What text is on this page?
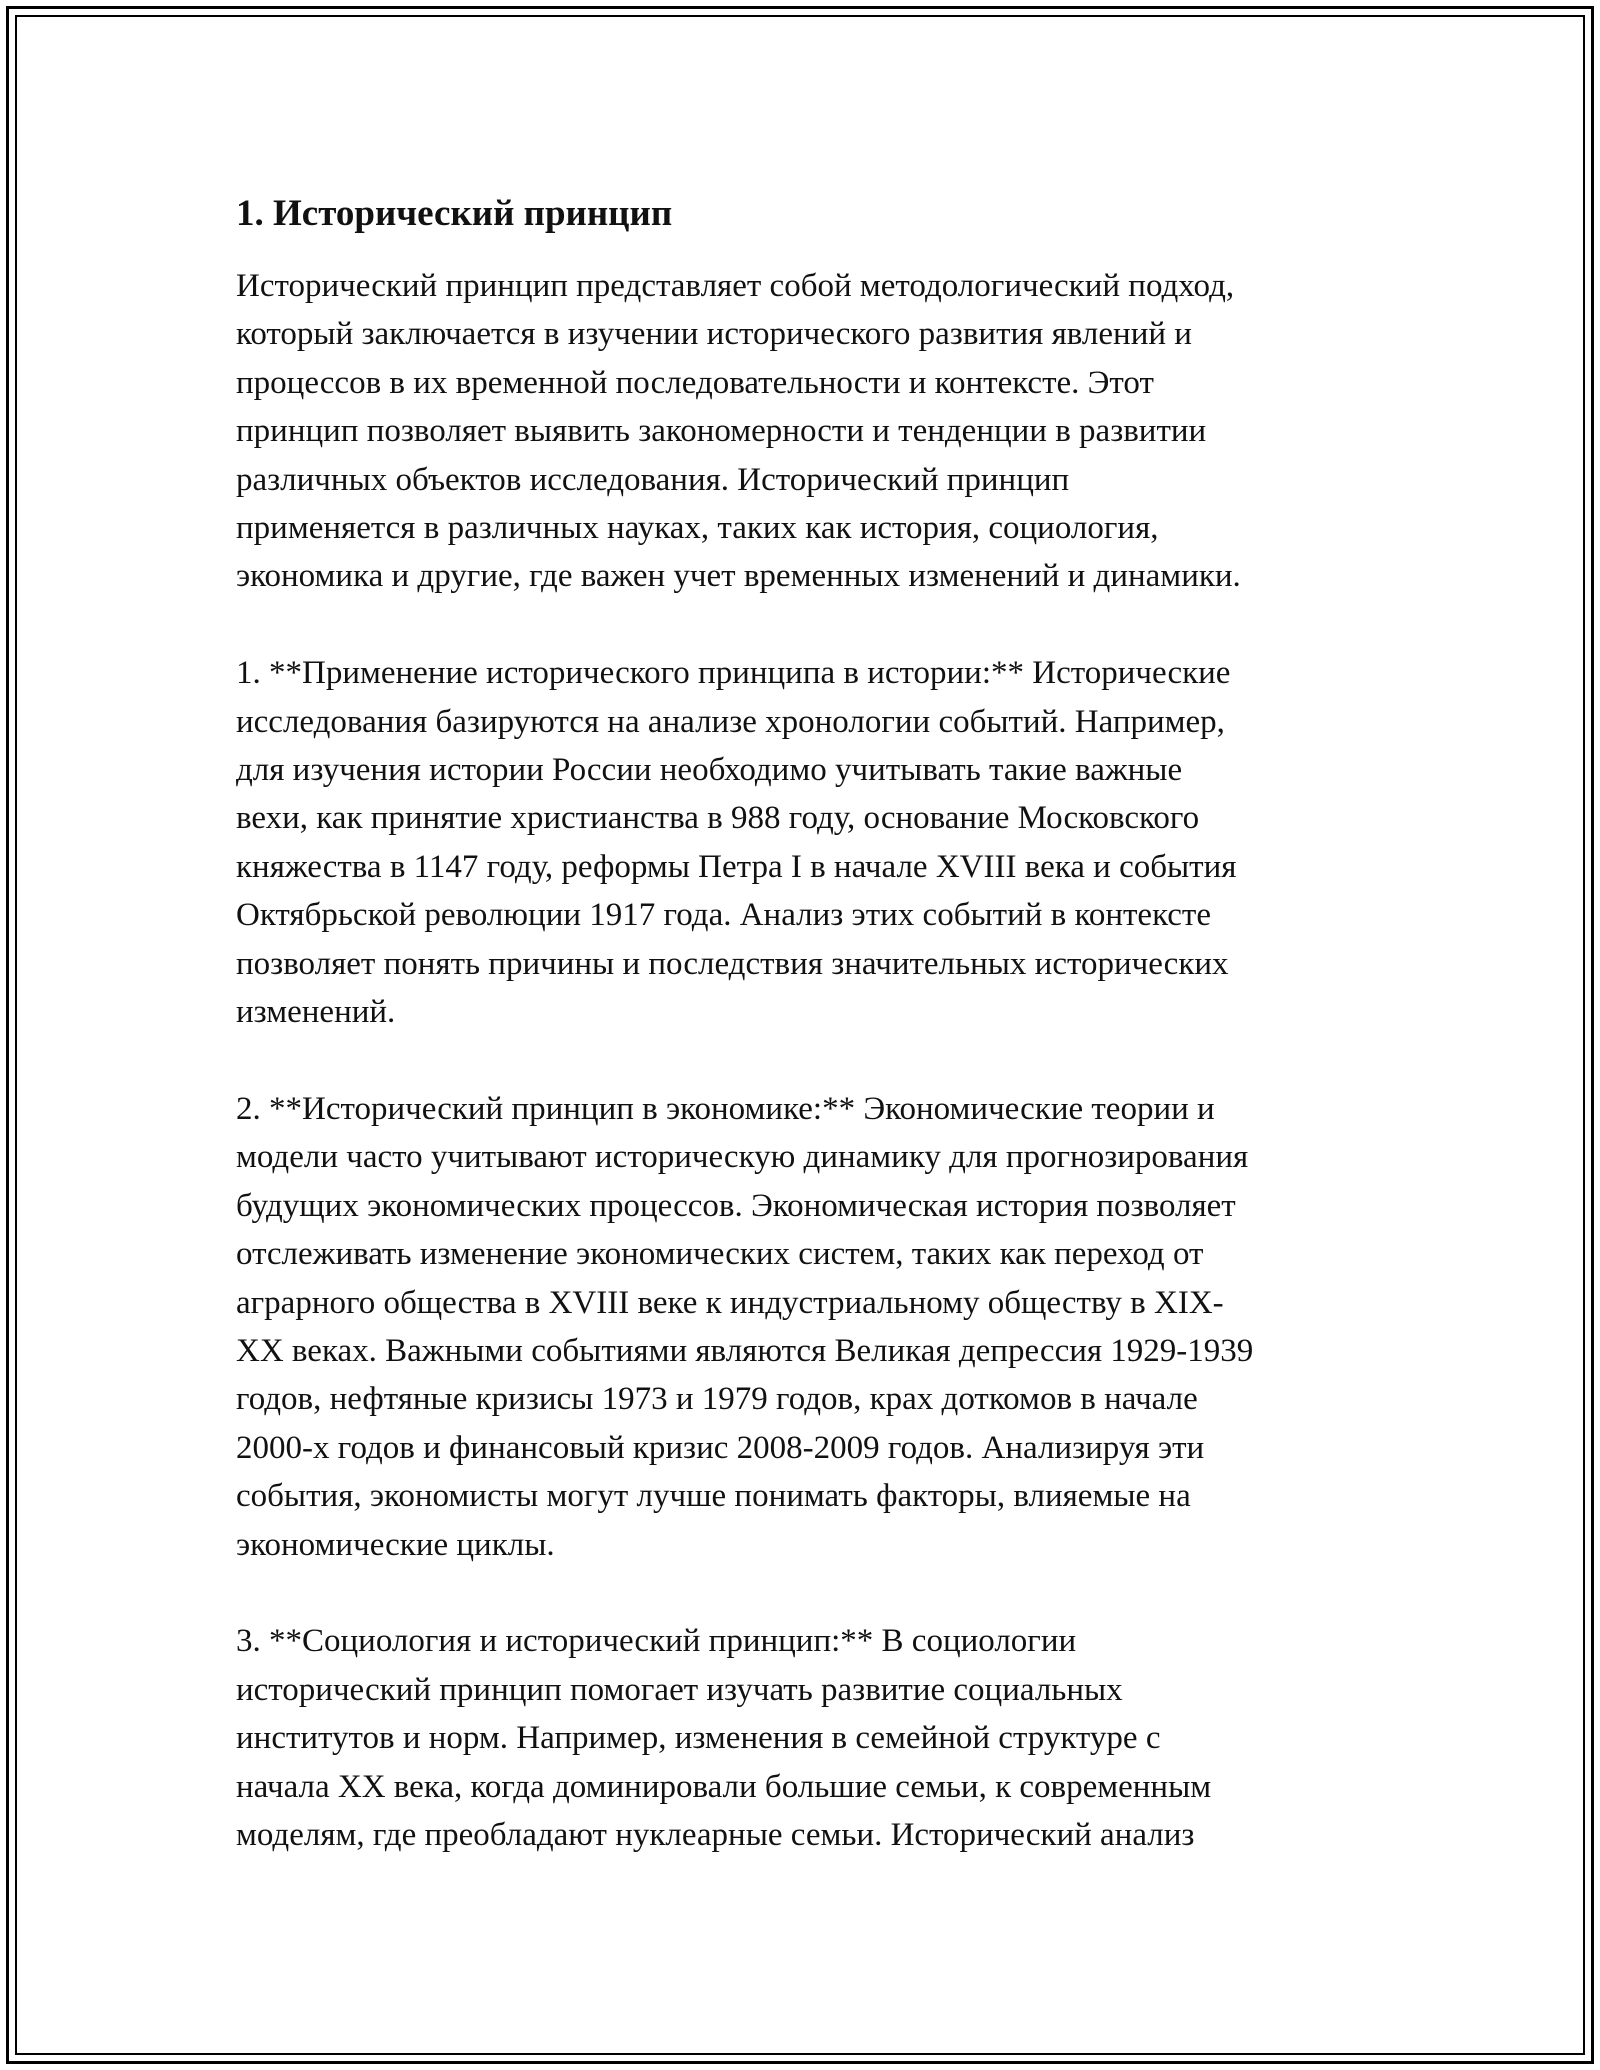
1. Исторический принцип
Исторический принцип представляет собой методологический подход,
который заключается в изучении исторического развития явлений и
процессов в их временной последовательности и контексте. Этот
принцип позволяет выявить закономерности и тенденции в развитии
различных объектов исследования. Исторический принцип
применяется в различных науках, таких как история, социология,
экономика и другие, где важен учет временных изменений и динамики.
1. **Применение исторического принципа в истории:** Исторические
исследования базируются на анализе хронологии событий. Например,
для изучения истории России необходимо учитывать такие важные
вехи, как принятие христианства в 988 году, основание Московского
княжества в 1147 году, реформы Петра I в начале XVIII века и события
Октябрьской революции 1917 года. Анализ этих событий в контексте
позволяет понять причины и последствия значительных исторических
изменений.
2. **Исторический принцип в экономике:** Экономические теории и
модели часто учитывают историческую динамику для прогнозирования
будущих экономических процессов. Экономическая история позволяет
отслеживать изменение экономических систем, таких как переход от
аграрного общества в XVIII веке к индустриальному обществу в XIX-
XX веках. Важными событиями являются Великая депрессия 1929-1939
годов, нефтяные кризисы 1973 и 1979 годов, крах доткомов в начале
2000-х годов и финансовый кризис 2008-2009 годов. Анализируя эти
события, экономисты могут лучше понимать факторы, влияемые на
экономические циклы.
3. **Социология и исторический принцип:** В социологии
исторический принцип помогает изучать развитие социальных
институтов и норм. Например, изменения в семейной структуре с
начала XX века, когда доминировали большие семьи, к современным
моделям, где преобладают нуклеарные семьи. Исторический анализ
